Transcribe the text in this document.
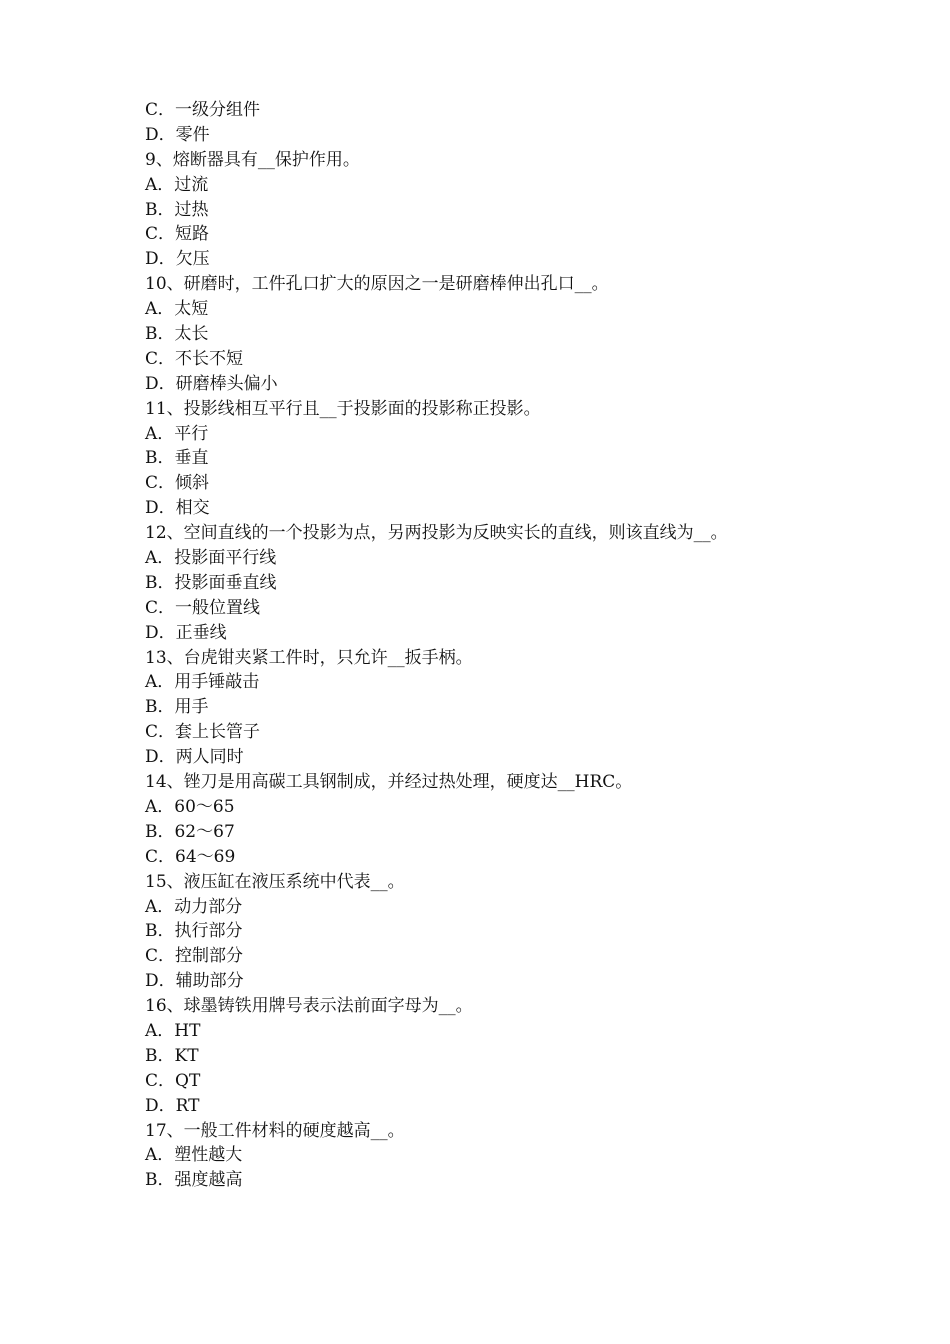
C．一级分组件
D．零件
9、熔断器具有__保护作用。
A．过流
B．过热
C．短路
D．欠压
10、研磨时，工件孔口扩大的原因之一是研磨棒伸出孔口__。
A．太短
B．太长
C．不长不短
D．研磨棒头偏小
11、投影线相互平行且__于投影面的投影称正投影。
A．平行
B．垂直
C．倾斜
D．相交
12、空间直线的一个投影为点，另两投影为反映实长的直线，则该直线为__。
A．投影面平行线
B．投影面垂直线
C．一般位置线
D．正垂线
13、台虎钳夹紧工件时，只允许__扳手柄。
A．用手锤敲击
B．用手
C．套上长管子
D．两人同时
14、锉刀是用高碳工具钢制成，并经过热处理，硬度达__HRC。
A．60～65
B．62～67
C．64～69
15、液压缸在液压系统中代表__。
A．动力部分
B．执行部分
C．控制部分
D．辅助部分
16、球墨铸铁用牌号表示法前面字母为__。
A．HT
B．KT
C．QT
D．RT
17、一般工件材料的硬度越高__。
A．塑性越大
B．强度越高
